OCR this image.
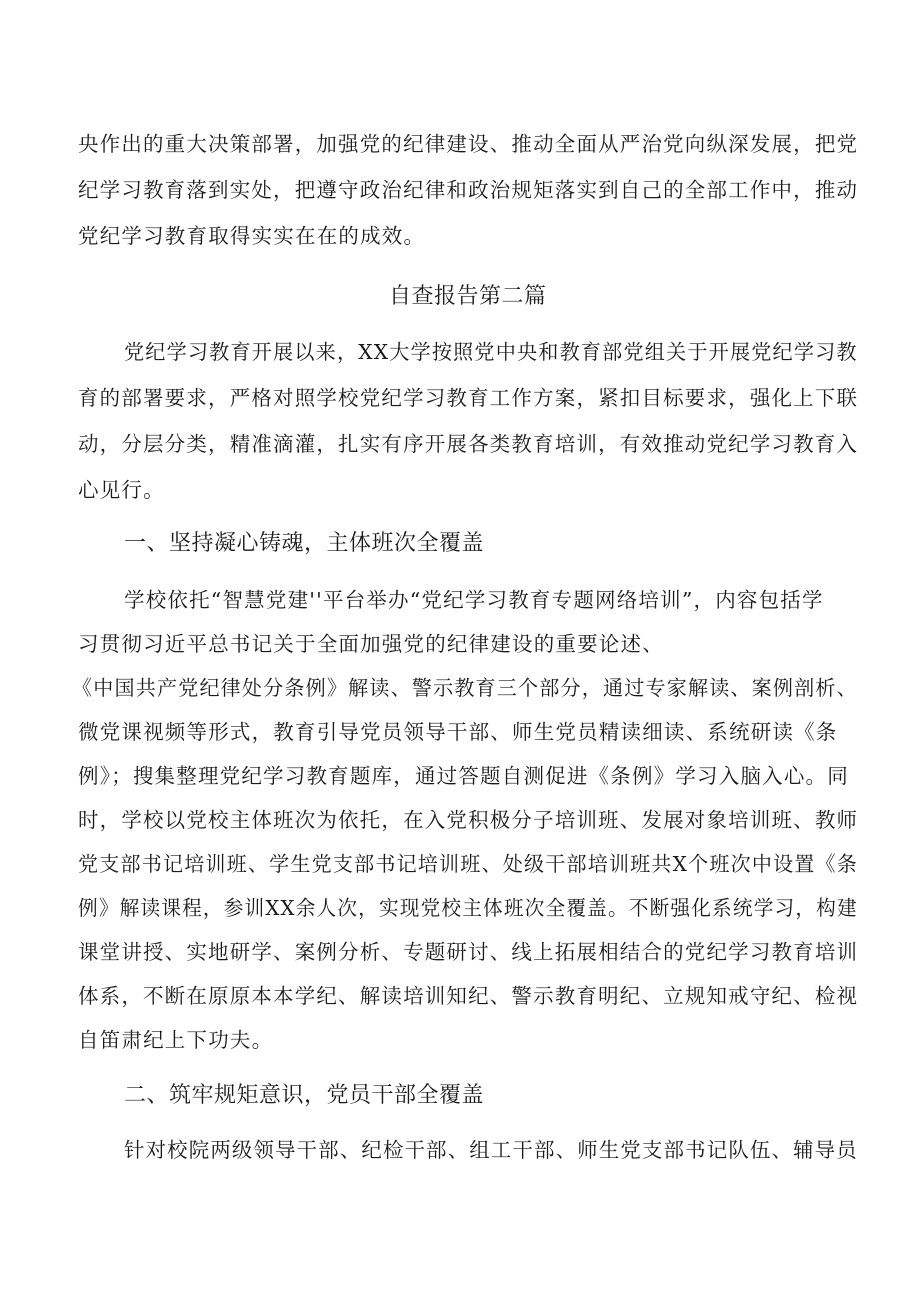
央作出的重大决策部署，加强党的纪律建设、推动全面从严治党向纵深发展，把党
纪学习教育落到实处，把遵守政治纪律和政治规矩落实到自己的全部工作中，推动
党纪学习教育取得实实在在的成效。
自查报告第二篇
党纪学习教育开展以来，XX大学按照党中央和教育部党组关于开展党纪学习教
育的部署要求，严格对照学校党纪学习教育工作方案，紧扣目标要求，强化上下联
动，分层分类，精准滴灌，扎实有序开展各类教育培训，有效推动党纪学习教育入
心见行。
一、坚持凝心铸魂，主体班次全覆盖
学校依托“智慧党建''平台举办“党纪学习教育专题网络培训”，内容包括学
习贯彻习近平总书记关于全面加强党的纪律建设的重要论述、
《中国共产党纪律处分条例》解读、警示教育三个部分，通过专家解读、案例剖析、
微党课视频等形式，教育引导党员领导干部、师生党员精读细读、系统研读《条
例》；搜集整理党纪学习教育题库，通过答题自测促进《条例》学习入脑入心。同
时，学校以党校主体班次为依托，在入党积极分子培训班、发展对象培训班、教师
党支部书记培训班、学生党支部书记培训班、处级干部培训班共X个班次中设置《条
例》解读课程，参训XX余人次，实现党校主体班次全覆盖。不断强化系统学习，构建
课堂讲授、实地研学、案例分析、专题研讨、线上拓展相结合的党纪学习教育培训
体系，不断在原原本本学纪、解读培训知纪、警示教育明纪、立规知戒守纪、检视
自笛肃纪上下功夫。
二、筑牢规矩意识，党员干部全覆盖
针对校院两级领导干部、纪检干部、组工干部、师生党支部书记队伍、辅导员
